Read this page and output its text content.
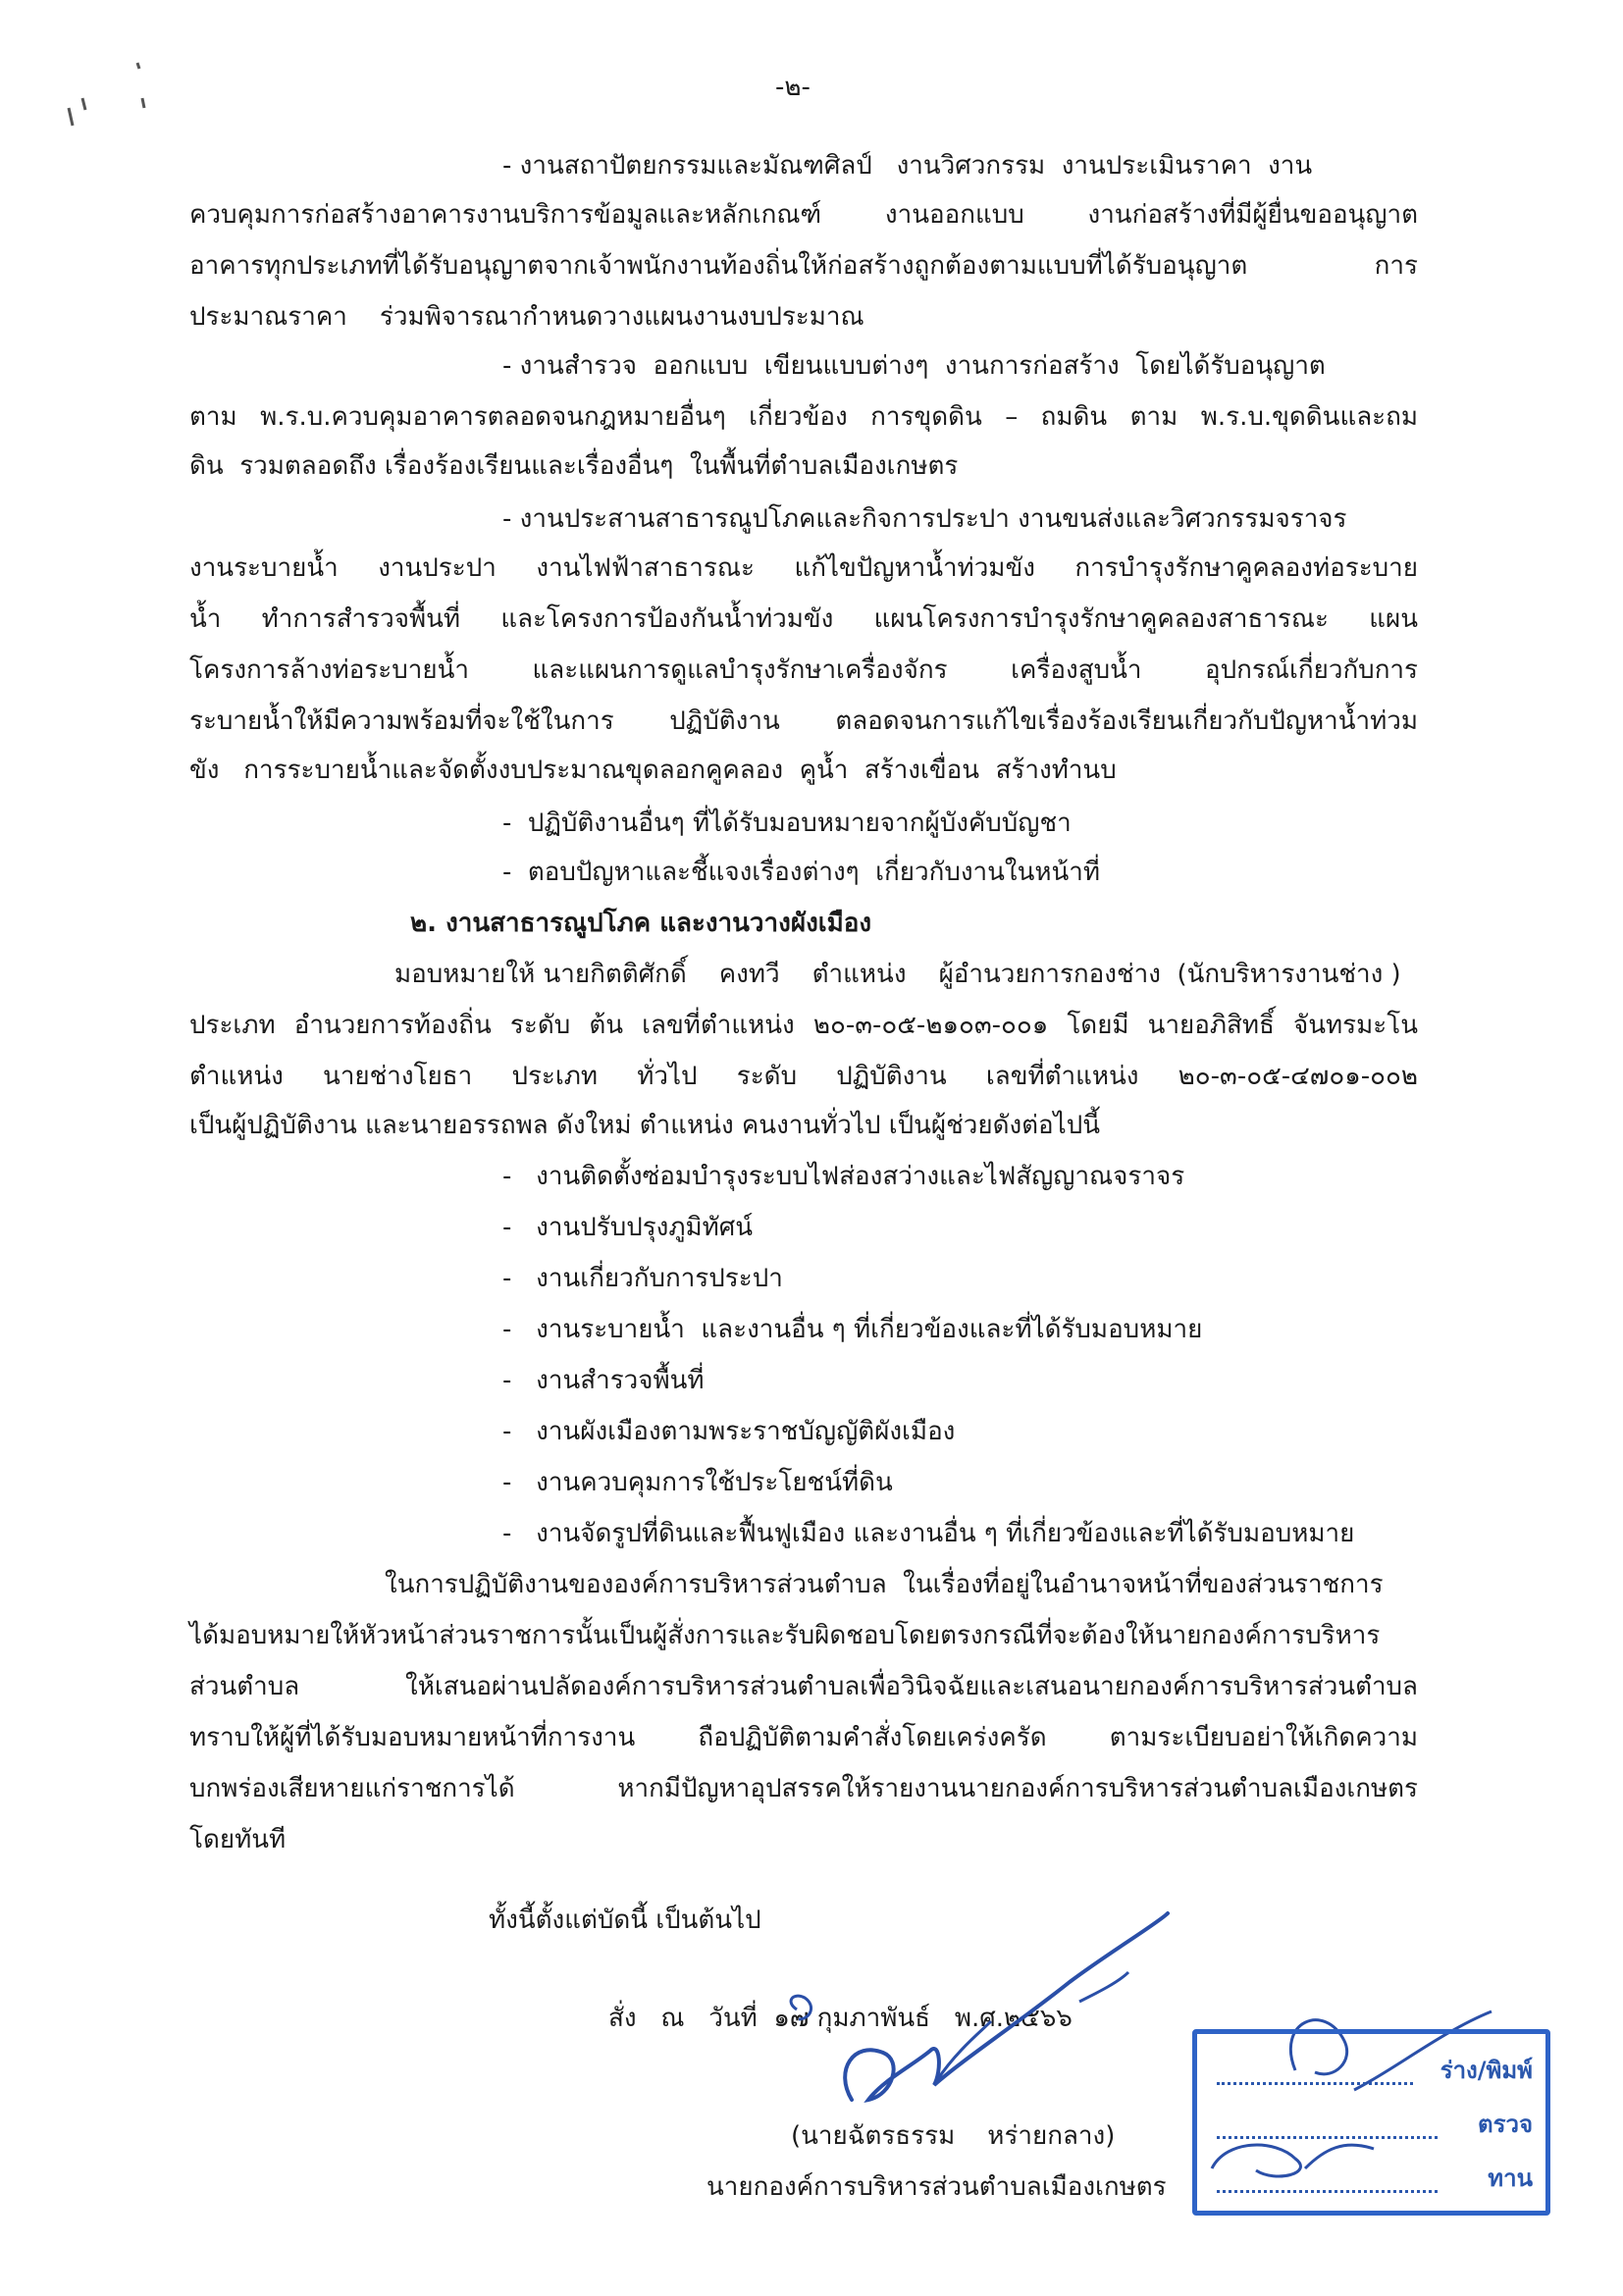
-๒-
- งานสถาปัตยกรรมและมัณฑศิลป์   งานวิศวกรรม  งานประเมินราคา  งาน
ควบคุมการก่อสร้างอาคารงานบริการข้อมูลและหลักเกณฑ์ งานออกแบบ งานก่อสร้างที่มีผู้ยื่นขออนุญาต
อาคารทุกประเภทที่ได้รับอนุญาตจากเจ้าพนักงานท้องถิ่นให้ก่อสร้างถูกต้องตามแบบที่ได้รับอนุญาต การ
ประมาณราคา    ร่วมพิจารณากำหนดวางแผนงานงบประมาณ
- งานสำรวจ  ออกแบบ  เขียนแบบต่างๆ  งานการก่อสร้าง  โดยได้รับอนุญาต
ตาม พ.ร.บ.ควบคุมอาคารตลอดจนกฎหมายอื่นๆ เกี่ยวข้อง การขุดดิน – ถมดิน ตาม พ.ร.บ.ขุดดินและถม
ดิน  รวมตลอดถึง เรื่องร้องเรียนและเรื่องอื่นๆ  ในพื้นที่ตำบลเมืองเกษตร
- งานประสานสาธารณูปโภคและกิจการประปา งานขนส่งและวิศวกรรมจราจร
งานระบายน้ำ งานประปา งานไฟฟ้าสาธารณะ แก้ไขปัญหาน้ำท่วมขัง การบำรุงรักษาคูคลองท่อระบาย
น้ำ ทำการสำรวจพื้นที่ และโครงการป้องกันน้ำท่วมขัง แผนโครงการบำรุงรักษาคูคลองสาธารณะ แผน
โครงการล้างท่อระบายน้ำ และแผนการดูแลบำรุงรักษาเครื่องจักร เครื่องสูบน้ำ อุปกรณ์เกี่ยวกับการ
ระบายน้ำให้มีความพร้อมที่จะใช้ในการ ปฏิบัติงาน ตลอดจนการแก้ไขเรื่องร้องเรียนเกี่ยวกับปัญหาน้ำท่วม
ขัง   การระบายน้ำและจัดตั้งงบประมาณขุดลอกคูคลอง  คูน้ำ  สร้างเขื่อน  สร้างทำนบ
-  ปฏิบัติงานอื่นๆ ที่ได้รับมอบหมายจากผู้บังคับบัญชา
-  ตอบปัญหาและชี้แจงเรื่องต่างๆ  เกี่ยวกับงานในหน้าที่
๒. งานสาธารณูปโภค และงานวางผังเมือง
มอบหมายให้ นายกิตติศักดิ์    คงทวี    ตำแหน่ง    ผู้อำนวยการกองช่าง  (นักบริหารงานช่าง )
ประเภท อำนวยการท้องถิ่น ระดับ ต้น เลขที่ตำแหน่ง ๒๐-๓-๐๕-๒๑๐๓-๐๐๑ โดยมี นายอภิสิทธิ์ จันทรมะโน
ตำแหน่ง นายช่างโยธา ประเภท ทั่วไป ระดับ ปฏิบัติงาน เลขที่ตำแหน่ง ๒๐-๓-๐๕-๔๗๐๑-๐๐๒
เป็นผู้ปฏิบัติงาน และนายอรรถพล ดังใหม่ ตำแหน่ง คนงานทั่วไป เป็นผู้ช่วยดังต่อไปนี้
-   งานติดตั้งซ่อมบำรุงระบบไฟส่องสว่างและไฟสัญญาณจราจร
-   งานปรับปรุงภูมิทัศน์
-   งานเกี่ยวกับการประปา
-   งานระบายน้ำ  และงานอื่น ๆ ที่เกี่ยวข้องและที่ได้รับมอบหมาย
-   งานสำรวจพื้นที่
-   งานผังเมืองตามพระราชบัญญัติผังเมือง
-   งานควบคุมการใช้ประโยชน์ที่ดิน
-   งานจัดรูปที่ดินและฟื้นฟูเมือง และงานอื่น ๆ ที่เกี่ยวข้องและที่ได้รับมอบหมาย
ในการปฏิบัติงานขององค์การบริหารส่วนตำบล  ในเรื่องที่อยู่ในอำนาจหน้าที่ของส่วนราชการ
ได้มอบหมายให้หัวหน้าส่วนราชการนั้นเป็นผู้สั่งการและรับผิดชอบโดยตรงกรณีที่จะต้องให้นายกองค์การบริหาร
ส่วนตำบล ให้เสนอผ่านปลัดองค์การบริหารส่วนตำบลเพื่อวินิจฉัยและเสนอนายกองค์การบริหารส่วนตำบล
ทราบให้ผู้ที่ได้รับมอบหมายหน้าที่การงาน ถือปฏิบัติตามคำสั่งโดยเคร่งครัด ตามระเบียบอย่าให้เกิดความ
บกพร่องเสียหายแก่ราชการได้ หากมีปัญหาอุปสรรคให้รายงานนายกองค์การบริหารส่วนตำบลเมืองเกษตร
โดยทันที
ทั้งนี้ตั้งแต่บัดนี้ เป็นต้นไป
สั่ง   ณ   วันที่  ๑๗ กุมภาพันธ์   พ.ศ.๒๕๖๖
(นายฉัตรธรรม    หร่ายกลาง)
นายกองค์การบริหารส่วนตำบลเมืองเกษตร
ร่าง/พิมพ์
ตรวจ
ทาน
